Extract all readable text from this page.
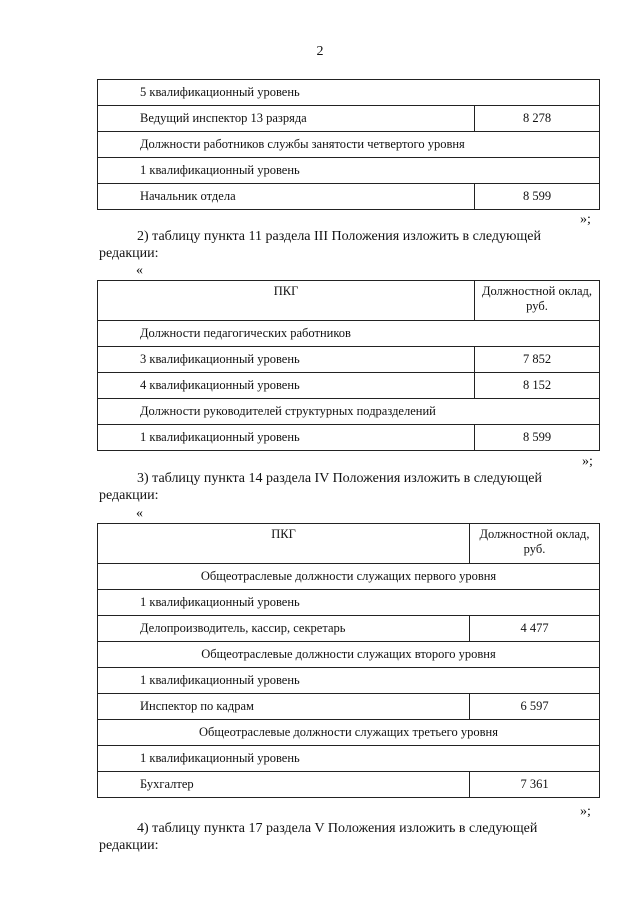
2
5 квалификационный уровень	
Ведущий инспектор 13 разряда	8 278
Должности работников службы занятости четвертого уровня	
1 квалификационный уровень	
Начальник отдела	8 599
»;
2) таблицу пункта 11 раздела III Положения изложить в следующей
редакции:
«
ПКГ	Должностной оклад, руб.
Должности педагогических работников	
3 квалификационный уровень	7 852
4 квалификационный уровень	8 152
Должности руководителей структурных подразделений	
1 квалификационный уровень	8 599
»;
3) таблицу пункта 14 раздела IV Положения изложить в следующей
редакции:
«
ПКГ	Должностной оклад, руб.
Общеотраслевые должности служащих первого уровня	
1 квалификационный уровень	
Делопроизводитель, кассир, секретарь	4 477
Общеотраслевые должности служащих второго уровня	
1 квалификационный уровень	
Инспектор по кадрам	6 597
Общеотраслевые должности служащих третьего уровня	
1 квалификационный уровень	
Бухгалтер	7 361
»;
4) таблицу пункта 17 раздела V Положения изложить в следующей
редакции:
